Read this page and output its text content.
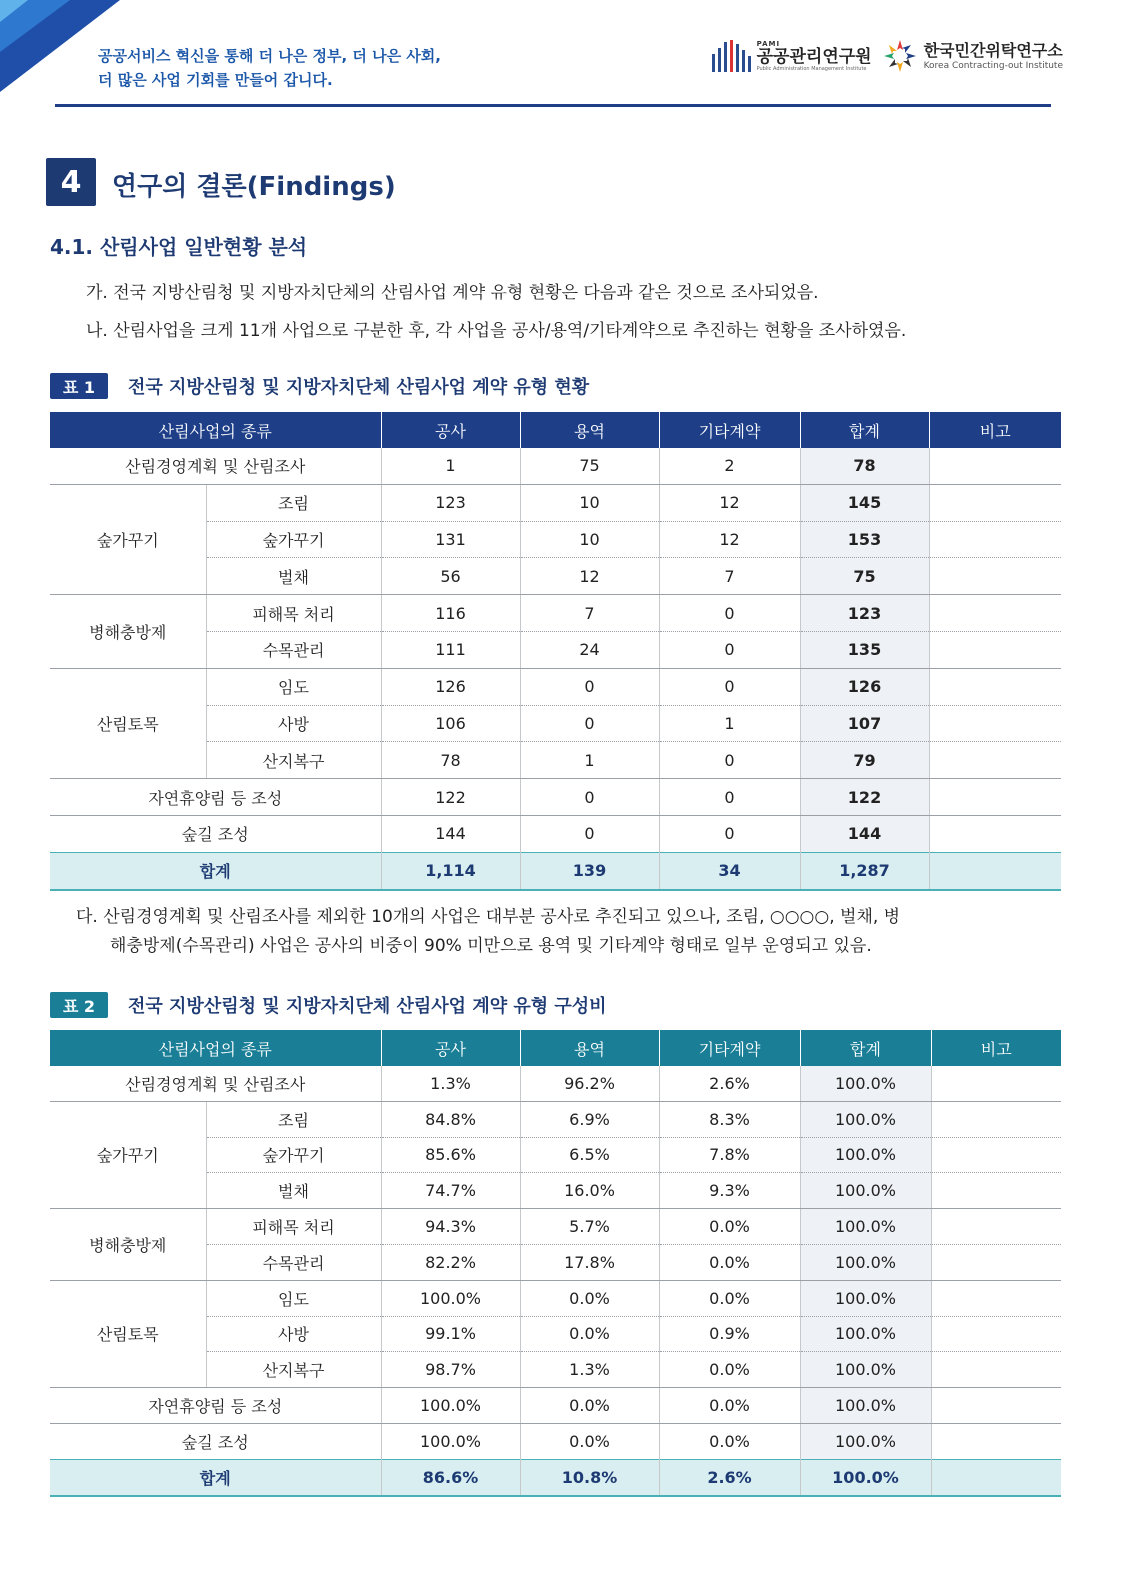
공공서비스 혁신을 통해 더 나은 정부, 더 나은 사회,
더 많은 사업 기회를 만들어 갑니다.
PAMI
공공관리연구원
Public Administration Management Institute
한국민간위탁연구소
Korea Contracting-out Institute
4	연구의 결론(Findings)
4.1. 산림사업 일반현황 분석
가. 전국 지방산림청 및 지방자치단체의 산림사업 계약 유형 현황은 다음과 같은 것으로 조사되었음.
나. 산림사업을 크게 11개 사업으로 구분한 후, 각 사업을 공사/용역/기타계약으로 추진하는 현황을 조사하였음.
표 1	전국 지방산림청 및 지방자치단체 산림사업 계약 유형 현황
산림사업의 종류		공사	용역	기타계약	합계	비고
산림경영계획 및 산림조사		1	75	2	78	
숲가꾸기	조림	123	10	12	145	
	숲가꾸기	131	10	12	153	
	벌채	56	12	7	75	
병해충방제	피해목 처리	116	7	0	123	
	수목관리	111	24	0	135	
산림토목	임도	126	0	0	126	
	사방	106	0	1	107	
	산지복구	78	1	0	79	
자연휴양림 등 조성		122	0	0	122	
숲길 조성		144	0	0	144	
합계		1,114	139	34	1,287	
다. 산림경영계획 및 산림조사를 제외한 10개의 사업은 대부분 공사로 추진되고 있으나, 조림, ○○○○, 벌채, 병
해충방제(수목관리) 사업은 공사의 비중이 90% 미만으로 용역 및 기타계약 형태로 일부 운영되고 있음.
표 2	전국 지방산림청 및 지방자치단체 산림사업 계약 유형 구성비
산림사업의 종류		공사	용역	기타계약	합계	비고
산림경영계획 및 산림조사		1.3%	96.2%	2.6%	100.0%	
숲가꾸기	조림	84.8%	6.9%	8.3%	100.0%	
	숲가꾸기	85.6%	6.5%	7.8%	100.0%	
	벌채	74.7%	16.0%	9.3%	100.0%	
병해충방제	피해목 처리	94.3%	5.7%	0.0%	100.0%	
	수목관리	82.2%	17.8%	0.0%	100.0%	
산림토목	임도	100.0%	0.0%	0.0%	100.0%	
	사방	99.1%	0.0%	0.9%	100.0%	
	산지복구	98.7%	1.3%	0.0%	100.0%	
자연휴양림 등 조성		100.0%	0.0%	0.0%	100.0%	
숲길 조성		100.0%	0.0%	0.0%	100.0%	
합계		86.6%	10.8%	2.6%	100.0%	
